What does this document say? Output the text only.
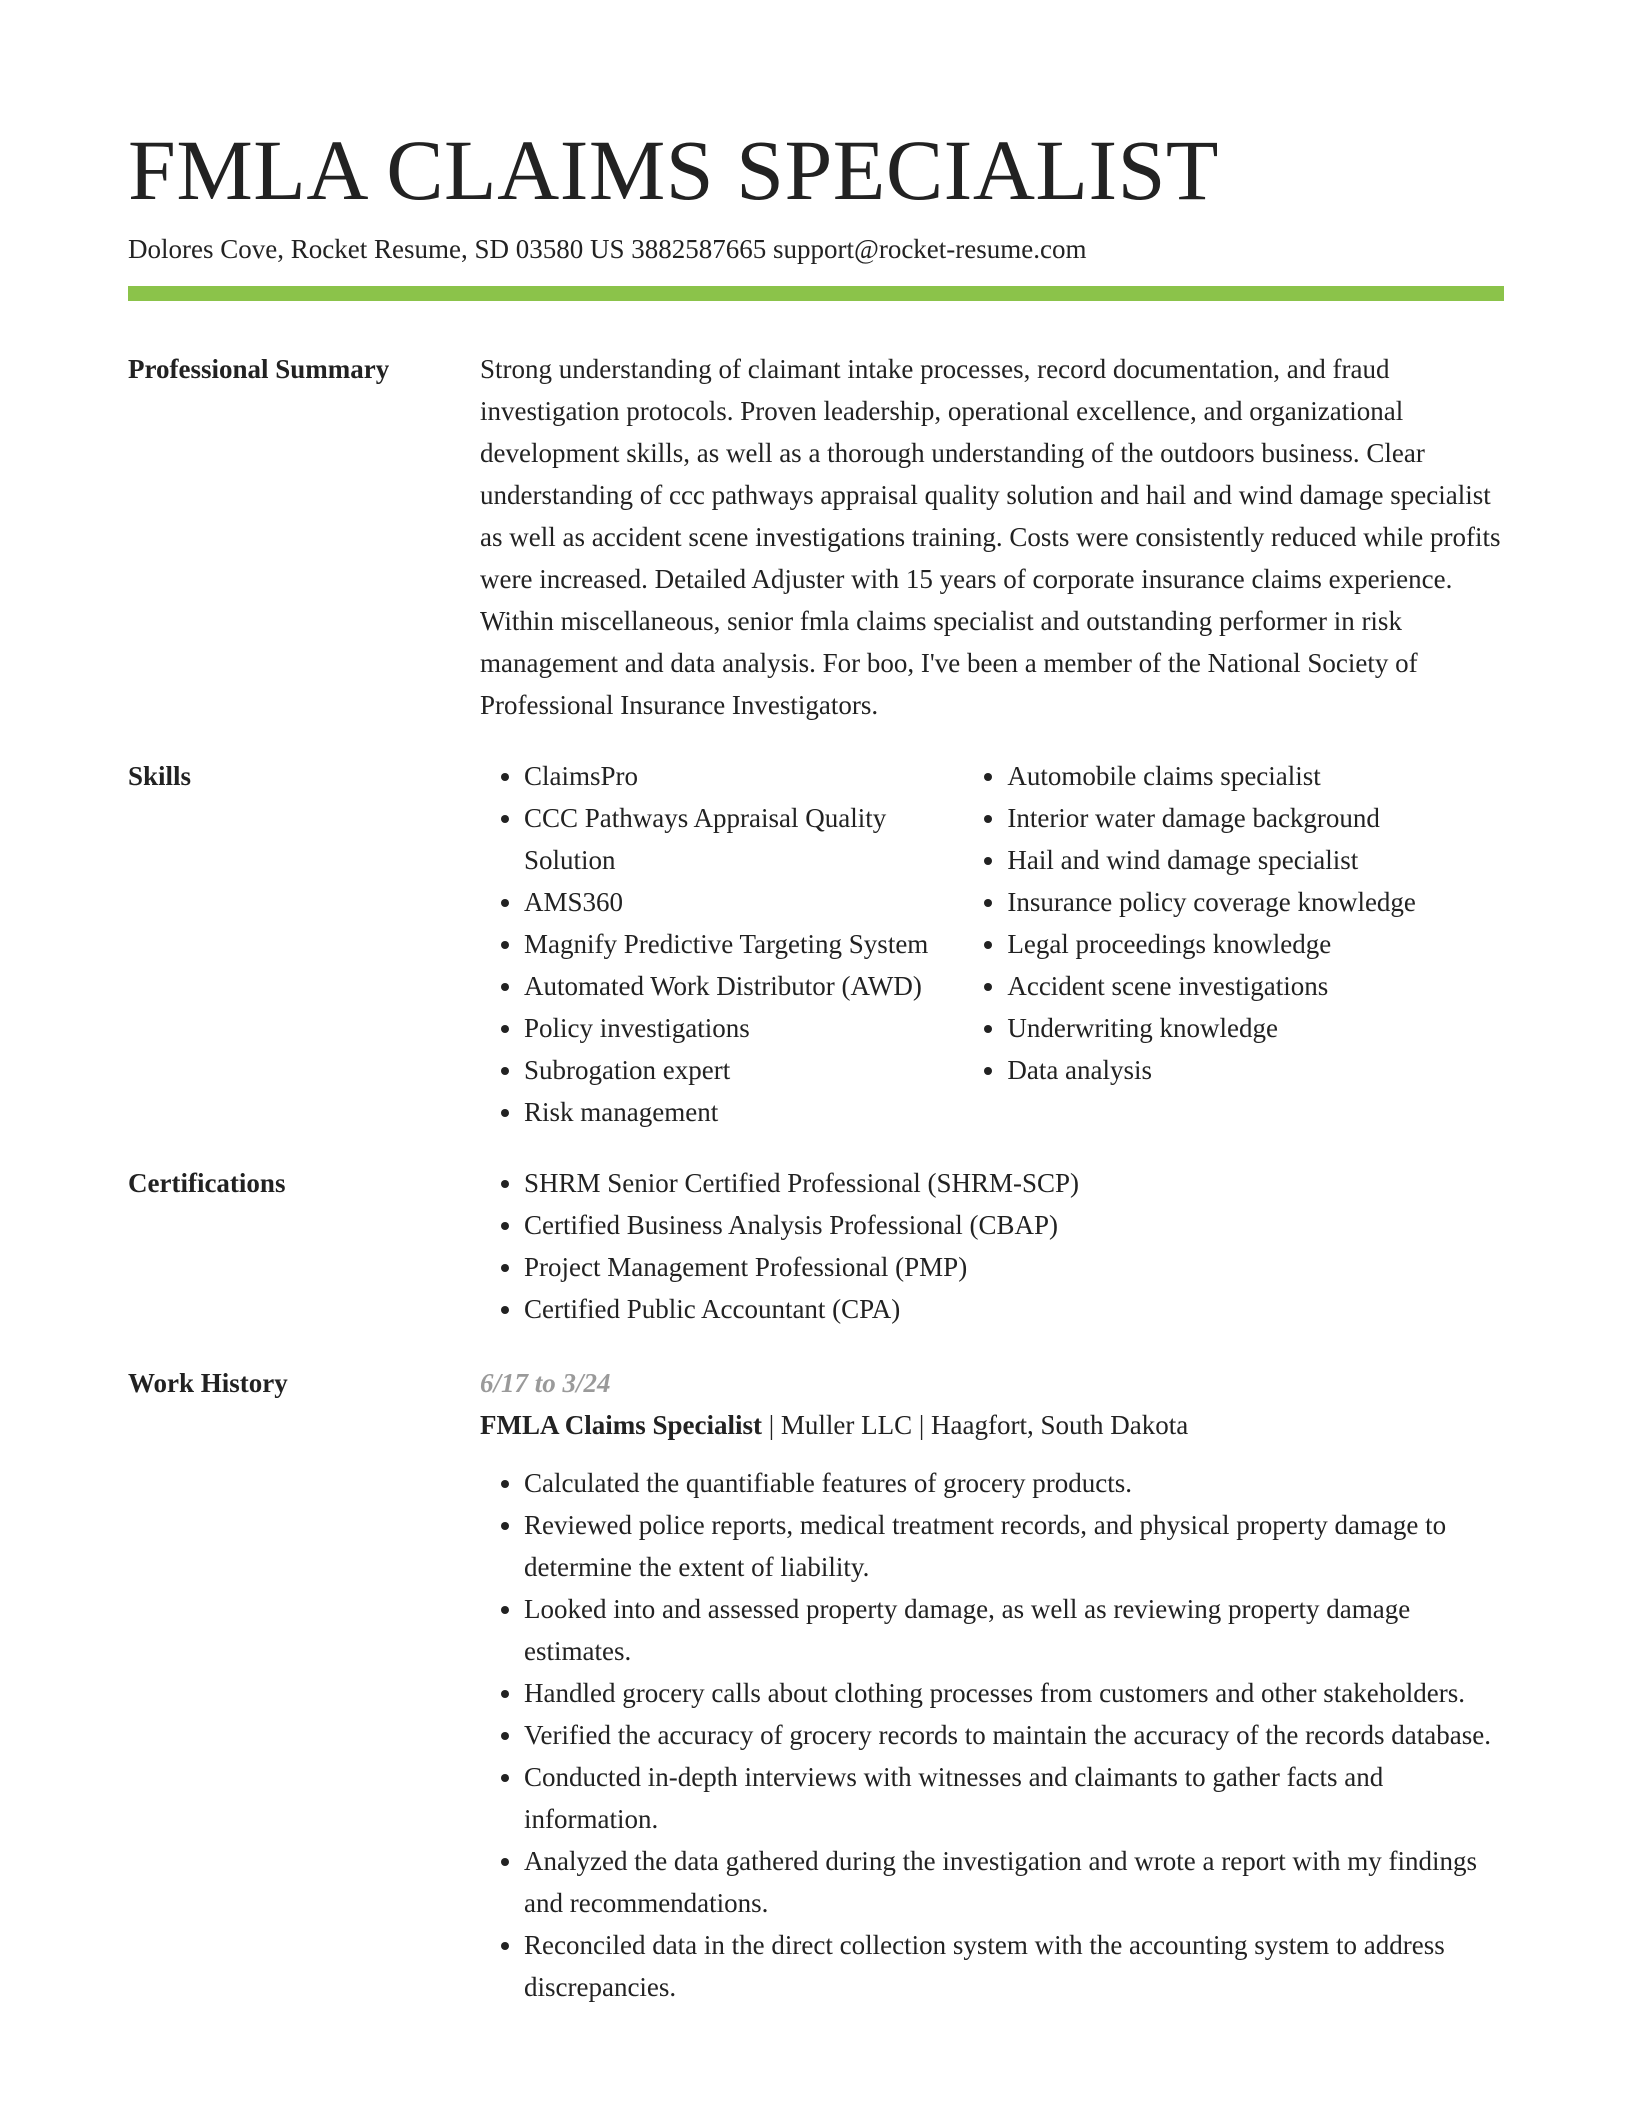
FMLA CLAIMS SPECIALIST
Dolores Cove, Rocket Resume, SD 03580 US 3882587665 support@rocket-resume.com
Professional Summary	Strong understanding of claimant intake processes, record documentation, and fraud investigation protocols. Proven leadership, operational excellence, and organizational development skills, as well as a thorough understanding of the outdoors business. Clear understanding of ccc pathways appraisal quality solution and hail and wind damage specialist as well as accident scene investigations training. Costs were consistently reduced while profits were increased. Detailed Adjuster with 15 years of corporate insurance claims experience. Within miscellaneous, senior fmla claims specialist and outstanding performer in risk management and data analysis. For boo, I've been a member of the National Society of Professional Insurance Investigators.

Skills	• ClaimsPro
• CCC Pathways Appraisal Quality Solution
• AMS360
• Magnify Predictive Targeting System
• Automated Work Distributor (AWD)
• Policy investigations
• Subrogation expert
• Risk management
• Automobile claims specialist
• Interior water damage background
• Hail and wind damage specialist
• Insurance policy coverage knowledge
• Legal proceedings knowledge
• Accident scene investigations
• Underwriting knowledge
• Data analysis
Certifications	• SHRM Senior Certified Professional (SHRM-SCP)
• Certified Business Analysis Professional (CBAP)
• Project Management Professional (PMP)
• Certified Public Accountant (CPA)
Work History	6/17 to 3/24
FMLA Claims Specialist | Muller LLC | Haagfort, South Dakota
• Calculated the quantifiable features of grocery products.
• Reviewed police reports, medical treatment records, and physical property damage to determine the extent of liability.
• Looked into and assessed property damage, as well as reviewing property damage estimates.
• Handled grocery calls about clothing processes from customers and other stakeholders.
• Verified the accuracy of grocery records to maintain the accuracy of the records database.
• Conducted in-depth interviews with witnesses and claimants to gather facts and information.
• Analyzed the data gathered during the investigation and wrote a report with my findings and recommendations.
• Reconciled data in the direct collection system with the accounting system to address discrepancies.
